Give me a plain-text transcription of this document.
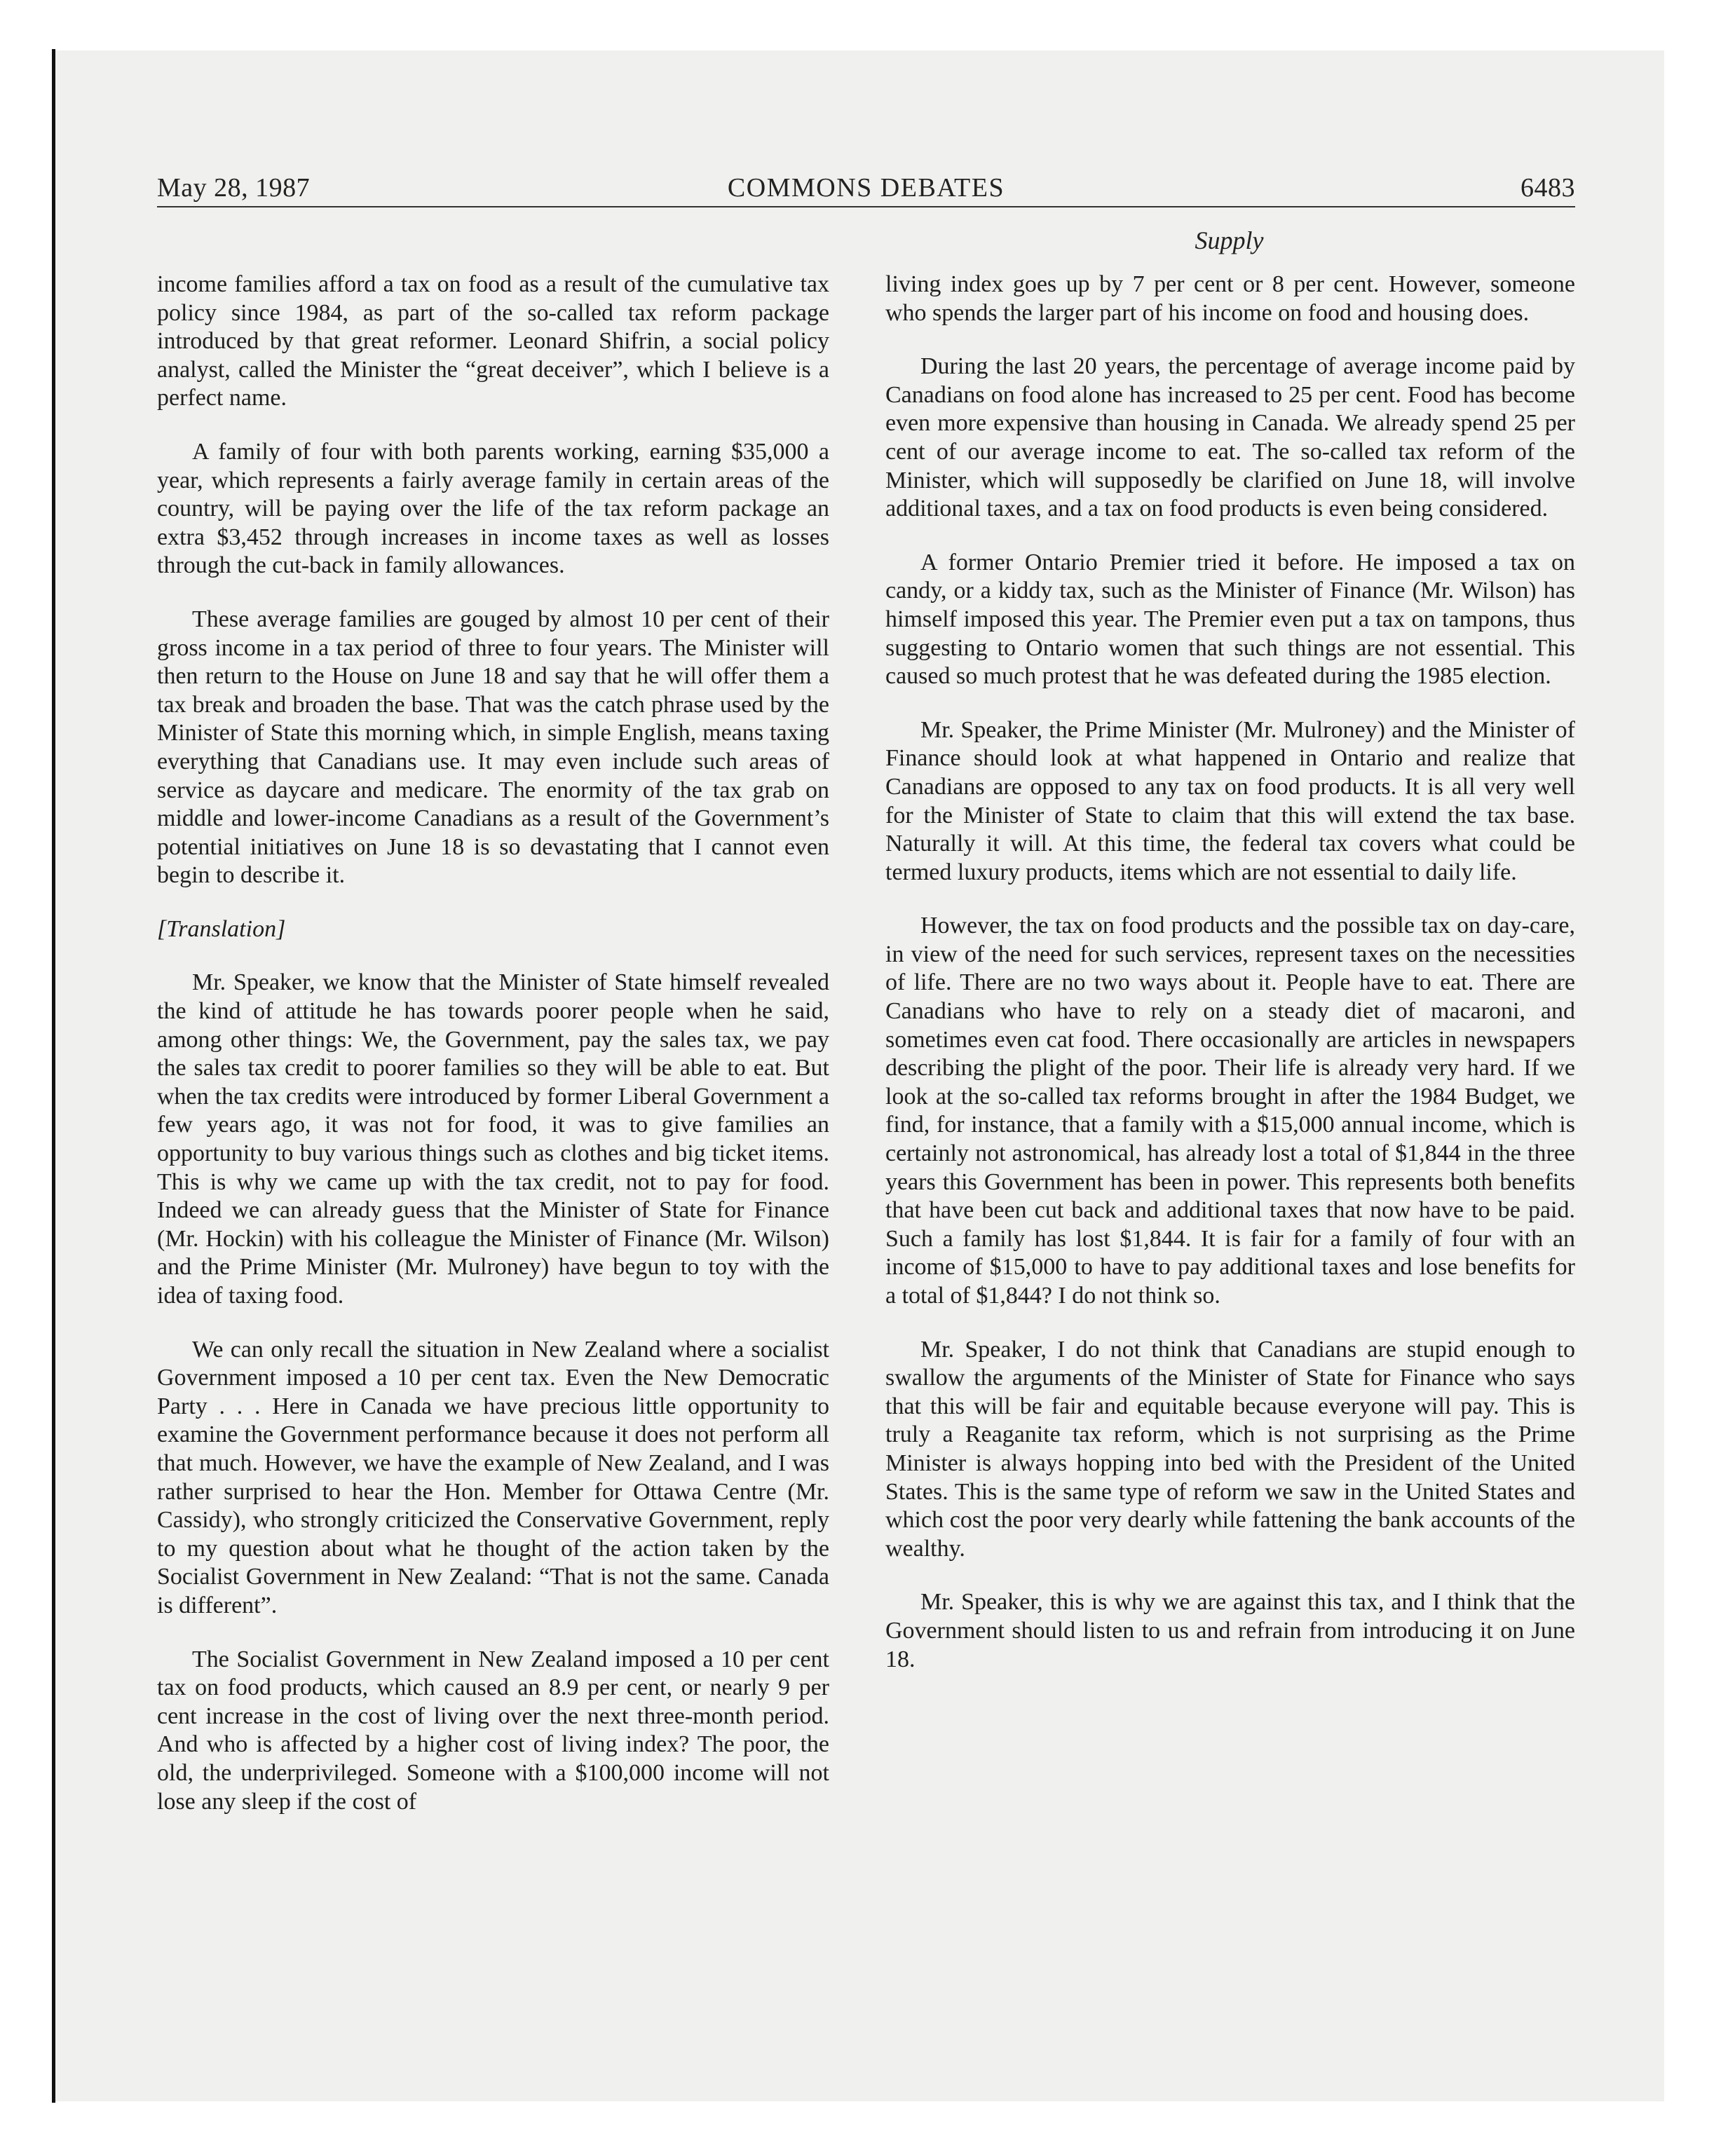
May 28, 1987	COMMONS DEBATES	6483
Supply

income families afford a tax on food as a result of the cumulative tax policy since 1984, as part of the so-called tax reform package introduced by that great reformer. Leonard Shifrin, a social policy analyst, called the Minister the “great deceiver”, which I believe is a perfect name.

A family of four with both parents working, earning $35,000 a year, which represents a fairly average family in certain areas of the country, will be paying over the life of the tax reform package an extra $3,452 through increases in income taxes as well as losses through the cut-back in family allowances.

These average families are gouged by almost 10 per cent of their gross income in a tax period of three to four years. The Minister will then return to the House on June 18 and say that he will offer them a tax break and broaden the base. That was the catch phrase used by the Minister of State this morning which, in simple English, means taxing everything that Canadians use. It may even include such areas of service as daycare and medicare. The enormity of the tax grab on middle and lower-income Canadians as a result of the Government’s potential initiatives on June 18 is so devastating that I cannot even begin to describe it.

[Translation]

Mr. Speaker, we know that the Minister of State himself revealed the kind of attitude he has towards poorer people when he said, among other things: We, the Government, pay the sales tax, we pay the sales tax credit to poorer families so they will be able to eat. But when the tax credits were introduced by former Liberal Government a few years ago, it was not for food, it was to give families an opportunity to buy various things such as clothes and big ticket items. This is why we came up with the tax credit, not to pay for food. Indeed we can already guess that the Minister of State for Finance (Mr. Hockin) with his colleague the Minister of Finance (Mr. Wilson) and the Prime Minister (Mr. Mulroney) have begun to toy with the idea of taxing food.

We can only recall the situation in New Zealand where a socialist Government imposed a 10 per cent tax. Even the New Democratic Party . . . Here in Canada we have precious little opportunity to examine the Government performance because it does not perform all that much. However, we have the example of New Zealand, and I was rather surprised to hear the Hon. Member for Ottawa Centre (Mr. Cassidy), who strongly criticized the Conservative Government, reply to my question about what he thought of the action taken by the Socialist Government in New Zealand: “That is not the same. Canada is different”.

The Socialist Government in New Zealand imposed a 10 per cent tax on food products, which caused an 8.9 per cent, or nearly 9 per cent increase in the cost of living over the next three-month period. And who is affected by a higher cost of living index? The poor, the old, the underprivileged. Someone with a $100,000 income will not lose any sleep if the cost of

living index goes up by 7 per cent or 8 per cent. However, someone who spends the larger part of his income on food and housing does.

During the last 20 years, the percentage of average income paid by Canadians on food alone has increased to 25 per cent. Food has become even more expensive than housing in Canada. We already spend 25 per cent of our average income to eat. The so-called tax reform of the Minister, which will supposedly be clarified on June 18, will involve additional taxes, and a tax on food products is even being considered.

A former Ontario Premier tried it before. He imposed a tax on candy, or a kiddy tax, such as the Minister of Finance (Mr. Wilson) has himself imposed this year. The Premier even put a tax on tampons, thus suggesting to Ontario women that such things are not essential. This caused so much protest that he was defeated during the 1985 election.

Mr. Speaker, the Prime Minister (Mr. Mulroney) and the Minister of Finance should look at what happened in Ontario and realize that Canadians are opposed to any tax on food products. It is all very well for the Minister of State to claim that this will extend the tax base. Naturally it will. At this time, the federal tax covers what could be termed luxury products, items which are not essential to daily life.

However, the tax on food products and the possible tax on day-care, in view of the need for such services, represent taxes on the necessities of life. There are no two ways about it. People have to eat. There are Canadians who have to rely on a steady diet of macaroni, and sometimes even cat food. There occasionally are articles in newspapers describing the plight of the poor. Their life is already very hard. If we look at the so-called tax reforms brought in after the 1984 Budget, we find, for instance, that a family with a $15,000 annual income, which is certainly not astronomical, has already lost a total of $1,844 in the three years this Government has been in power. This represents both benefits that have been cut back and additional taxes that now have to be paid. Such a family has lost $1,844. It is fair for a family of four with an income of $15,000 to have to pay additional taxes and lose benefits for a total of $1,844? I do not think so.

Mr. Speaker, I do not think that Canadians are stupid enough to swallow the arguments of the Minister of State for Finance who says that this will be fair and equitable because everyone will pay. This is truly a Reaganite tax reform, which is not surprising as the Prime Minister is always hopping into bed with the President of the United States. This is the same type of reform we saw in the United States and which cost the poor very dearly while fattening the bank accounts of the wealthy.

Mr. Speaker, this is why we are against this tax, and I think that the Government should listen to us and refrain from introducing it on June 18.
